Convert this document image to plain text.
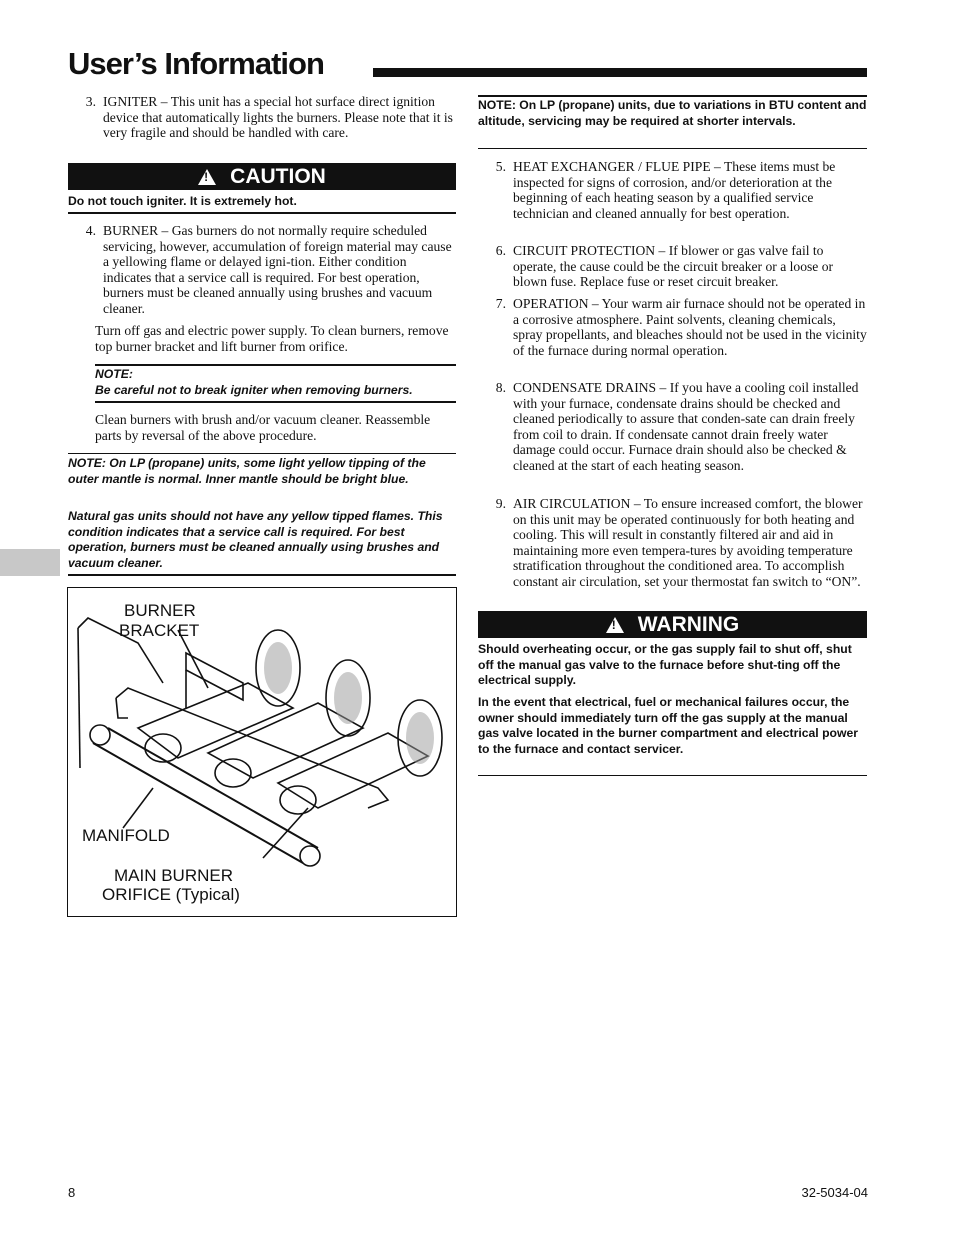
User’s Information
3. IGNITER – This unit has a special hot surface direct ignition device that automatically lights the burners. Please note that it is very fragile and should be handled with care.
! CAUTION
Do not touch igniter. It is extremely hot.
4. BURNER – Gas burners do not normally require scheduled servicing, however, accumulation of foreign material may cause a yellowing flame or delayed igni-tion. Either condition indicates that a service call is required. For best operation, burners must be cleaned annually using brushes and vacuum cleaner.
Turn off gas and electric power supply. To clean burners, remove top burner bracket and lift burner from orifice.
NOTE:
Be careful not to break igniter when removing burners.
Clean burners with brush and/or vacuum cleaner. Reassemble parts by reversal of the above procedure.
NOTE: On LP (propane) units, some light yellow tipping of the outer mantle is normal. Inner mantle should be bright blue.
Natural gas units should not have any yellow tipped flames. This condition indicates that a service call is required. For best operation, burners must be cleaned annually using brushes and vacuum cleaner.
BURNER
BRACKET
MANIFOLD
MAIN BURNER
ORIFICE (Typical)
NOTE: On LP (propane) units, due to variations in BTU content and altitude, servicing may be required at shorter intervals.
5. HEAT EXCHANGER / FLUE PIPE – These items must be inspected for signs of corrosion, and/or deterioration at the beginning of each heating season by a qualified service technician and cleaned annually for best operation.
6. CIRCUIT PROTECTION – If blower or gas valve fail to operate, the cause could be the circuit breaker or a loose or blown fuse. Replace fuse or reset circuit breaker.
7. OPERATION – Your warm air furnace should not be operated in a corrosive atmosphere. Paint solvents, cleaning chemicals, spray propellants, and bleaches should not be used in the vicinity of the furnace during normal operation.
8. CONDENSATE DRAINS – If you have a cooling coil installed with your furnace, condensate drains should be checked and cleaned periodically to assure that conden-sate can drain freely from coil to drain. If condensate cannot drain freely water damage could occur. Furnace drain should also be checked & cleaned at the start of each heating season.
9. AIR CIRCULATION – To ensure increased comfort, the blower on this unit may be operated continuously for both heating and cooling. This will result in constantly filtered air and aid in maintaining more even tempera-tures by avoiding temperature stratification throughout the conditioned area. To accomplish constant air circulation, set your thermostat fan switch to “ON”.
! WARNING
Should overheating occur, or the gas supply fail to shut off, shut off the manual gas valve to the furnace before shut-ting off the electrical supply.
In the event that electrical, fuel or mechanical failures occur, the owner should immediately turn off the gas supply at the manual gas valve located in the burner compartment and electrical power to the furnace and contact servicer.
8	32-5034-04
